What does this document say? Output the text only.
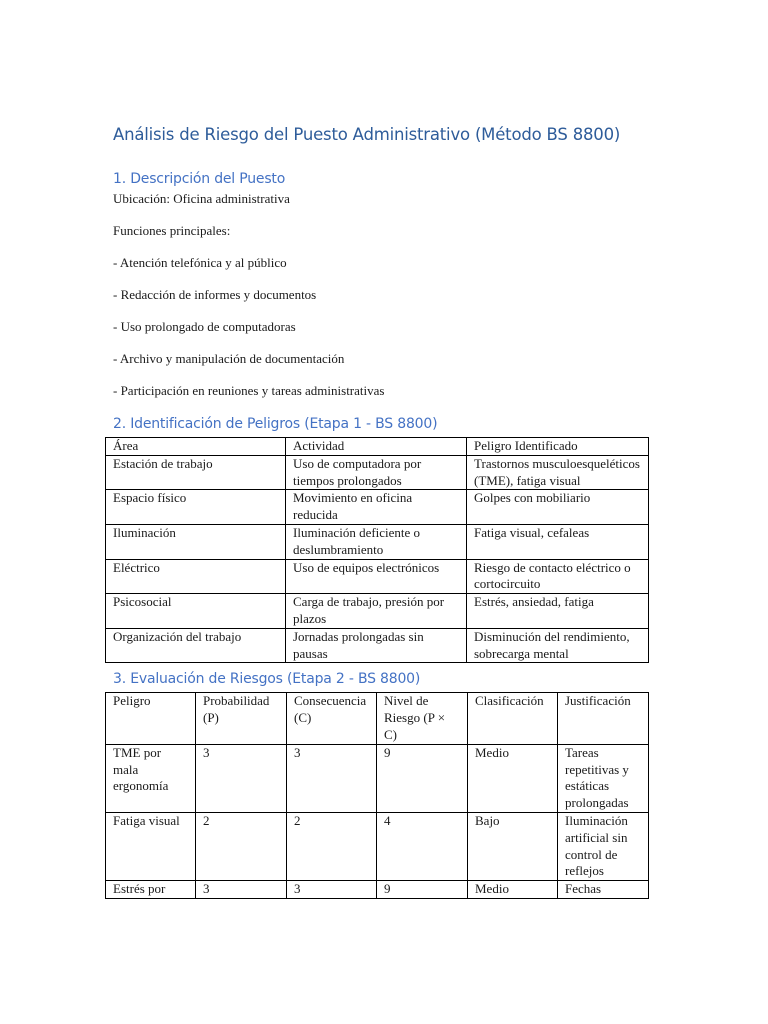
Análisis de Riesgo del Puesto Administrativo (Método BS 8800)
1. Descripción del Puesto

Ubicación: Oficina administrativa

Funciones principales:

- Atención telefónica y al público

- Redacción de informes y documentos

- Uso prolongado de computadoras

- Archivo y manipulación de documentación

- Participación en reuniones y tareas administrativas

2. Identificación de Peligros (Etapa 1 - BS 8800)
Área	Actividad	Peligro Identificado
Estación de trabajo	Uso de computadora por tiempos prolongados	Trastornos musculoesqueléticos (TME), fatiga visual
Espacio físico	Movimiento en oficina reducida	Golpes con mobiliario
Iluminación	Iluminación deficiente o deslumbramiento	Fatiga visual, cefaleas
Eléctrico	Uso de equipos electrónicos	Riesgo de contacto eléctrico o cortocircuito
Psicosocial	Carga de trabajo, presión por plazos	Estrés, ansiedad, fatiga
Organización del trabajo	Jornadas prolongadas sin pausas	Disminución del rendimiento, sobrecarga mental
3. Evaluación de Riesgos (Etapa 2 - BS 8800)
Peligro	Probabilidad (P)	Consecuencia (C)	Nivel de Riesgo (P × C)	Clasificación	Justificación
TME por mala ergonomía	3	3	9	Medio	Tareas repetitivas y estáticas prolongadas
Fatiga visual	2	2	4	Bajo	Iluminación artificial sin control de reflejos
Estrés por	3	3	9	Medio	Fechas
